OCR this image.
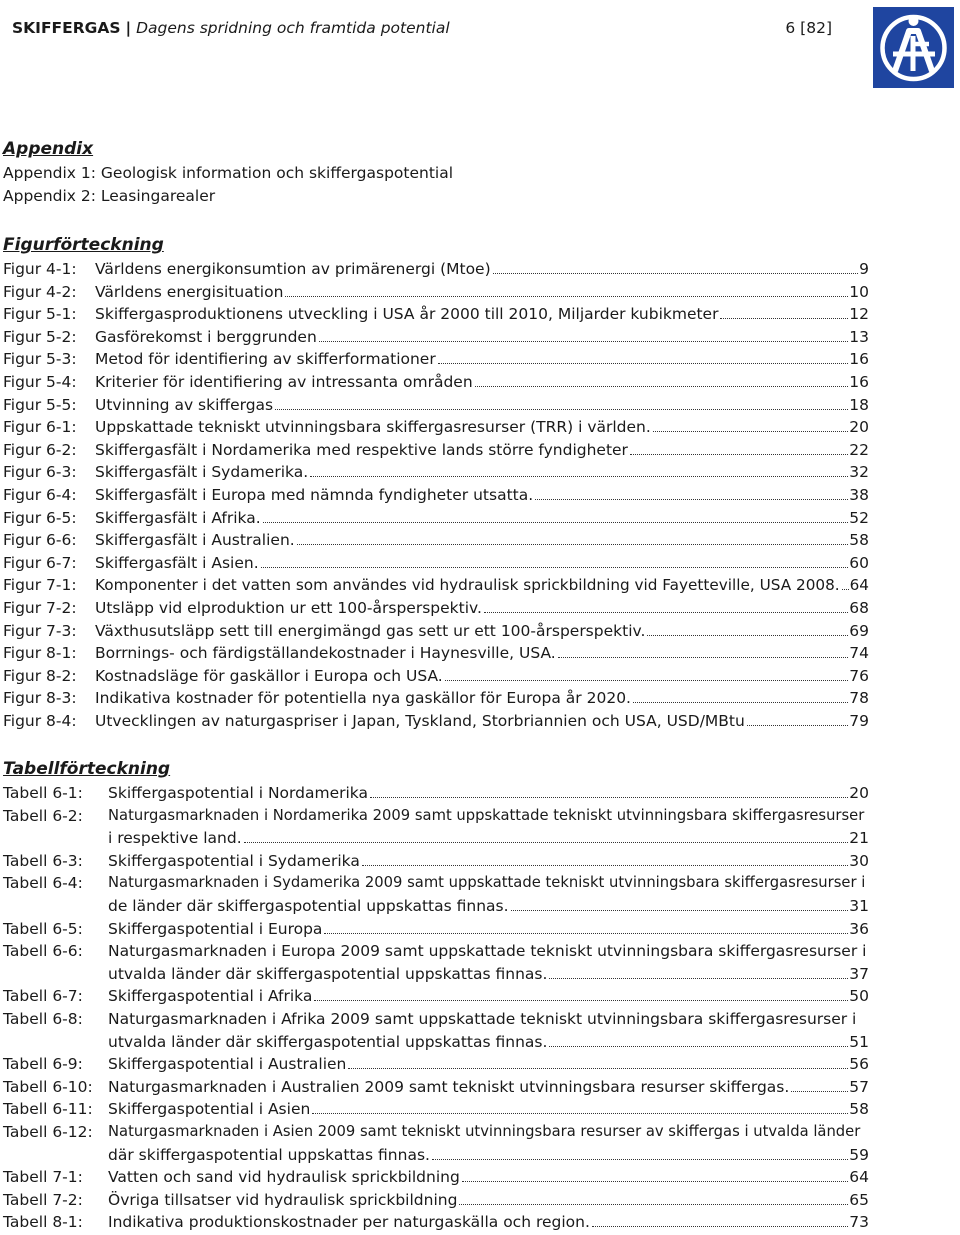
SKIFFERGAS | Dagens spridning och framtida potential	6 [82]
Appendix
Appendix 1: Geologisk information och skiffergaspotential
Appendix 2: Leasingarealer
Figurförteckning
Figur 4-1: Världens energikonsumtion av primärenergi (Mtoe)	9
Figur 4-2: Världens energisituation	10
Figur 5-1: Skiffergasproduktionens utveckling i USA år 2000 till 2010, Miljarder kubikmeter	12
Figur 5-2: Gasförekomst i berggrunden	13
Figur 5-3: Metod för identifiering av skifferformationer	16
Figur 5-4: Kriterier för identifiering av intressanta områden	16
Figur 5-5: Utvinning av skiffergas	18
Figur 6-1: Uppskattade tekniskt utvinningsbara skiffergasresurser (TRR) i världen.	20
Figur 6-2: Skiffergasfält i Nordamerika med respektive lands större fyndigheter	22
Figur 6-3: Skiffergasfält i Sydamerika.	32
Figur 6-4: Skiffergasfält i Europa med nämnda fyndigheter utsatta.	38
Figur 6-5: Skiffergasfält i Afrika.	52
Figur 6-6: Skiffergasfält i Australien.	58
Figur 6-7: Skiffergasfält i Asien.	60
Figur 7-1: Komponenter i det vatten som användes vid hydraulisk sprickbildning vid Fayetteville, USA 2008. 64
Figur 7-2: Utsläpp vid elproduktion ur ett 100-årsperspektiv.	68
Figur 7-3: Växthusutsläpp sett till energimängd gas sett ur ett 100-årsperspektiv.	69
Figur 8-1: Borrnings- och färdigställandekostnader i Haynesville, USA.	74
Figur 8-2: Kostnadsläge för gaskällor i Europa och USA.	76
Figur 8-3: Indikativa kostnader för potentiella nya gaskällor för Europa år 2020.	78
Figur 8-4: Utvecklingen av naturgaspriser i Japan, Tyskland, Storbriannien och USA, USD/MBtu	79
Tabellförteckning
Tabell 6-1: Skiffergaspotential i Nordamerika	20
Tabell 6-2: Naturgasmarknaden i Nordamerika 2009 samt uppskattade tekniskt utvinningsbara skiffergasresurser
i respektive land.	21
Tabell 6-3: Skiffergaspotential i Sydamerika	30
Tabell 6-4: Naturgasmarknaden i Sydamerika 2009 samt uppskattade tekniskt utvinningsbara skiffergasresurser i
de länder där skiffergaspotential uppskattas finnas.	31
Tabell 6-5: Skiffergaspotential i Europa	36
Tabell 6-6: Naturgasmarknaden i Europa 2009 samt uppskattade tekniskt utvinningsbara skiffergasresurser i
utvalda länder där skiffergaspotential uppskattas finnas.	37
Tabell 6-7: Skiffergaspotential i Afrika	50
Tabell 6-8: Naturgasmarknaden i Afrika 2009 samt uppskattade tekniskt utvinningsbara skiffergasresurser i
utvalda länder där skiffergaspotential uppskattas finnas.	51
Tabell 6-9: Skiffergaspotential i Australien	56
Tabell 6-10: Naturgasmarknaden i Australien 2009 samt tekniskt utvinningsbara resurser skiffergas.	57
Tabell 6-11: Skiffergaspotential i Asien	58
Tabell 6-12: Naturgasmarknaden i Asien 2009 samt tekniskt utvinningsbara resurser av skiffergas i utvalda länder
där skiffergaspotential uppskattas finnas.	59
Tabell 7-1: Vatten och sand vid hydraulisk sprickbildning	64
Tabell 7-2: Övriga tillsatser vid hydraulisk sprickbildning	65
Tabell 8-1: Indikativa produktionskostnader per naturgaskälla och region.	73
